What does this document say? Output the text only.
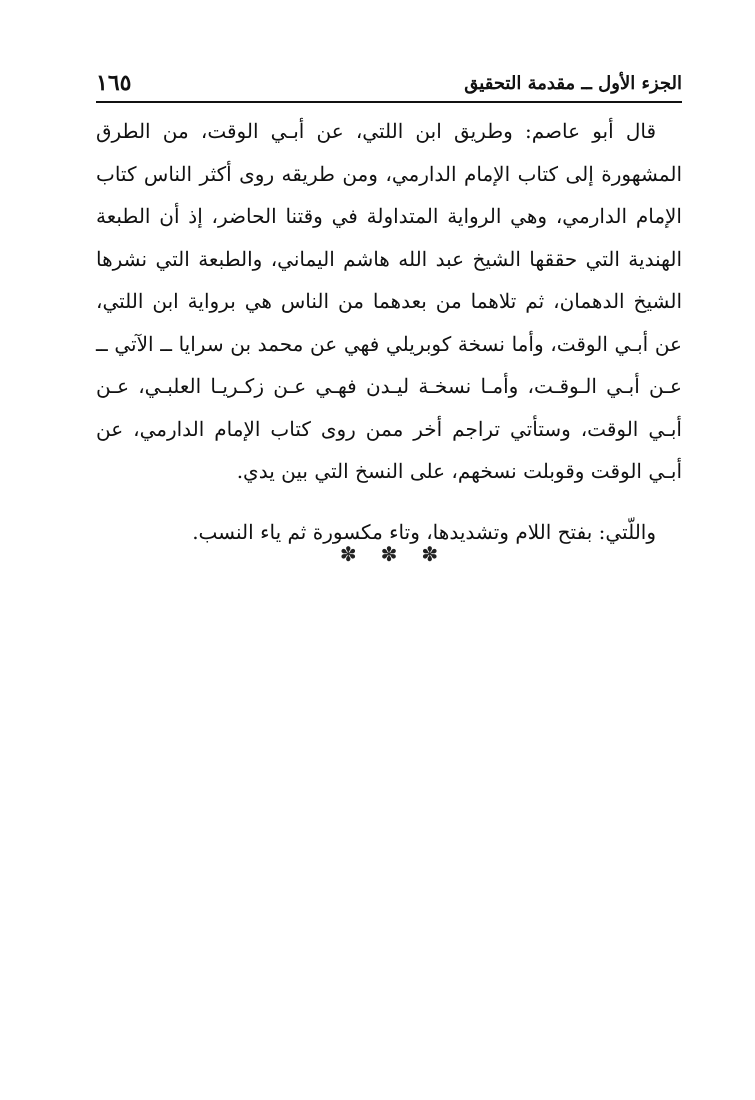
١٦٥	الجزء الأول ــ مقدمة التحقيق

قال أبو عاصم: وطريق ابن اللتي، عن أبـي الوقت، من الطرق المشهورة إلى كتاب الإمام الدارمي، ومن طريقه روى أكثر الناس كتاب الإمام الدارمي، وهي الرواية المتداولة في وقتنا الحاضر، إذ أن الطبعة الهندية التي حققها الشيخ عبد الله هاشم اليماني، والطبعة التي نشرها الشيخ الدهمان، ثم تلاهما من بعدهما من الناس هي برواية ابن اللتي، عن أبـي الوقت، وأما نسخة كوبريلي فهي عن محمد بن سرايا ــ الآتي ــ عـن أبـي الـوقـت، وأمـا نسخـة ليـدن فهـي عـن زكـريـا العلبـي، عـن أبـي الوقت، وستأتي تراجم أخر ممن روى كتاب الإمام الدارمي، عن أبـي الوقت وقوبلت نسخهم، على النسخ التي بين يدي.

واللّتي: بفتح اللام وتشديدها، وتاء مكسورة ثم ياء النسب.

✽ ✽ ✽
